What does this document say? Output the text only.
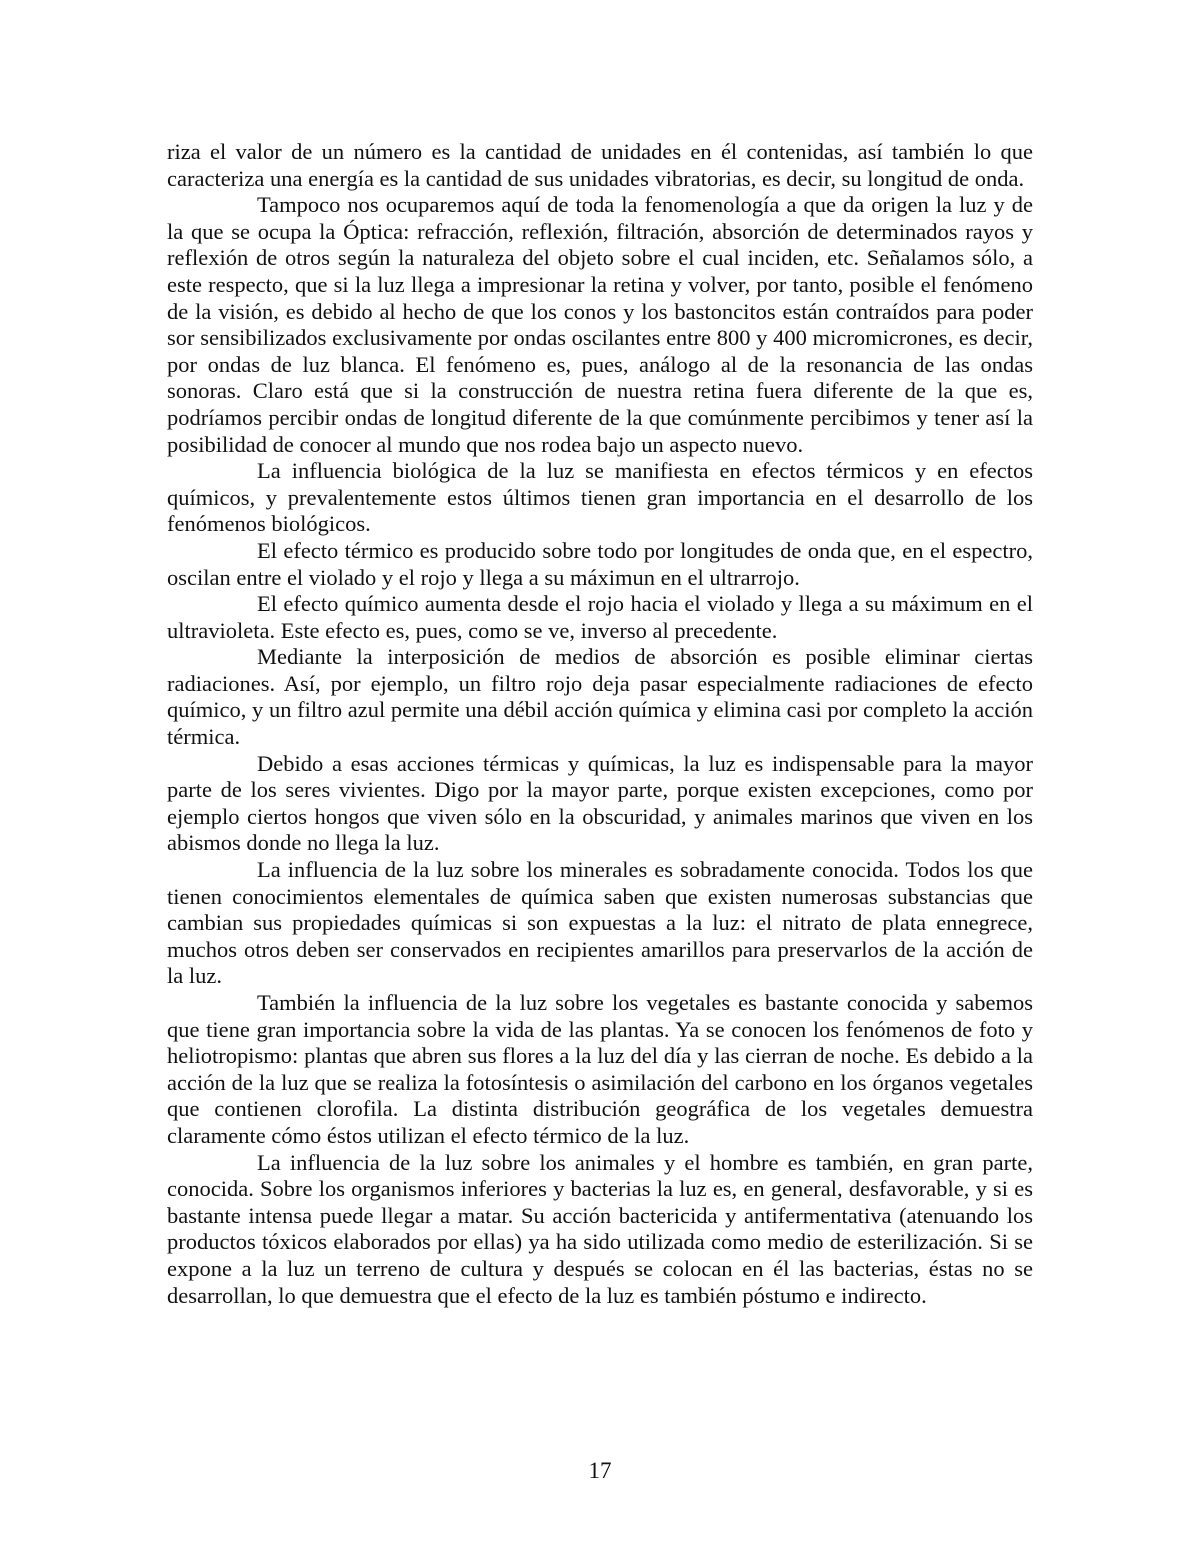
riza el valor de un número es la cantidad de unidades en él contenidas, así también lo que caracteriza una energía es la cantidad de sus unidades vibratorias, es decir, su longitud de onda.

Tampoco nos ocuparemos aquí de toda la fenomenología a que da origen la luz y de la que se ocupa la Óptica: refracción, reflexión, filtración, absorción de determinados rayos y reflexión de otros según la naturaleza del objeto sobre el cual inciden, etc. Señalamos sólo, a este respecto, que si la luz llega a impresionar la retina y volver, por tanto, posible el fenómeno de la visión, es debido al hecho de que los conos y los bastoncitos están contraídos para poder sor sensibilizados exclusivamente por ondas oscilantes entre 800 y 400 micromicrones, es decir, por ondas de luz blanca. El fenómeno es, pues, análogo al de la resonancia de las ondas sonoras. Claro está que si la construcción de nuestra retina fuera diferente de la que es, podríamos percibir ondas de longitud diferente de la que comúnmente percibimos y tener así la posibilidad de conocer al mundo que nos rodea bajo un aspecto nuevo.

La influencia biológica de la luz se manifiesta en efectos térmicos y en efectos químicos, y prevalentemente estos últimos tienen gran importancia en el desarrollo de los fenómenos biológicos.

El efecto térmico es producido sobre todo por longitudes de onda que, en el espectro, oscilan entre el violado y el rojo y llega a su máximun en el ultrarrojo.

El efecto químico aumenta desde el rojo hacia el violado y llega a su máximum en el ultravioleta. Este efecto es, pues, como se ve, inverso al precedente.

Mediante la interposición de medios de absorción es posible eliminar ciertas radiaciones. Así, por ejemplo, un filtro rojo deja pasar especialmente radiaciones de efecto químico, y un filtro azul permite una débil acción química y elimina casi por completo la acción térmica.

Debido a esas acciones térmicas y químicas, la luz es indispensable para la mayor parte de los seres vivientes. Digo por la mayor parte, porque existen excepciones, como por ejemplo ciertos hongos que viven sólo en la obscuridad, y animales marinos que viven en los abismos donde no llega la luz.

La influencia de la luz sobre los minerales es sobradamente conocida. Todos los que tienen conocimientos elementales de química saben que existen numerosas substancias que cambian sus propiedades químicas si son expuestas a la luz: el nitrato de plata ennegrece, muchos otros deben ser conservados en recipientes amarillos para preservarlos de la acción de la luz.

También la influencia de la luz sobre los vegetales es bastante conocida y sabemos que tiene gran importancia sobre la vida de las plantas. Ya se conocen los fenómenos de foto y heliotropismo: plantas que abren sus flores a la luz del día y las cierran de noche. Es debido a la acción de la luz que se realiza la fotosíntesis o asimilación del carbono en los órganos vegetales que contienen clorofila. La distinta distribución geográfica de los vegetales demuestra claramente cómo éstos utilizan el efecto térmico de la luz.

La influencia de la luz sobre los animales y el hombre es también, en gran parte, conocida. Sobre los organismos inferiores y bacterias la luz es, en general, desfavorable, y si es bastante intensa puede llegar a matar. Su acción bactericida y antifermentativa (atenuando los productos tóxicos elaborados por ellas) ya ha sido utilizada como medio de esterilización. Si se expone a la luz un terreno de cultura y después se colocan en él las bacterias, éstas no se desarrollan, lo que demuestra que el efecto de la luz es también póstumo e indirecto.

17
